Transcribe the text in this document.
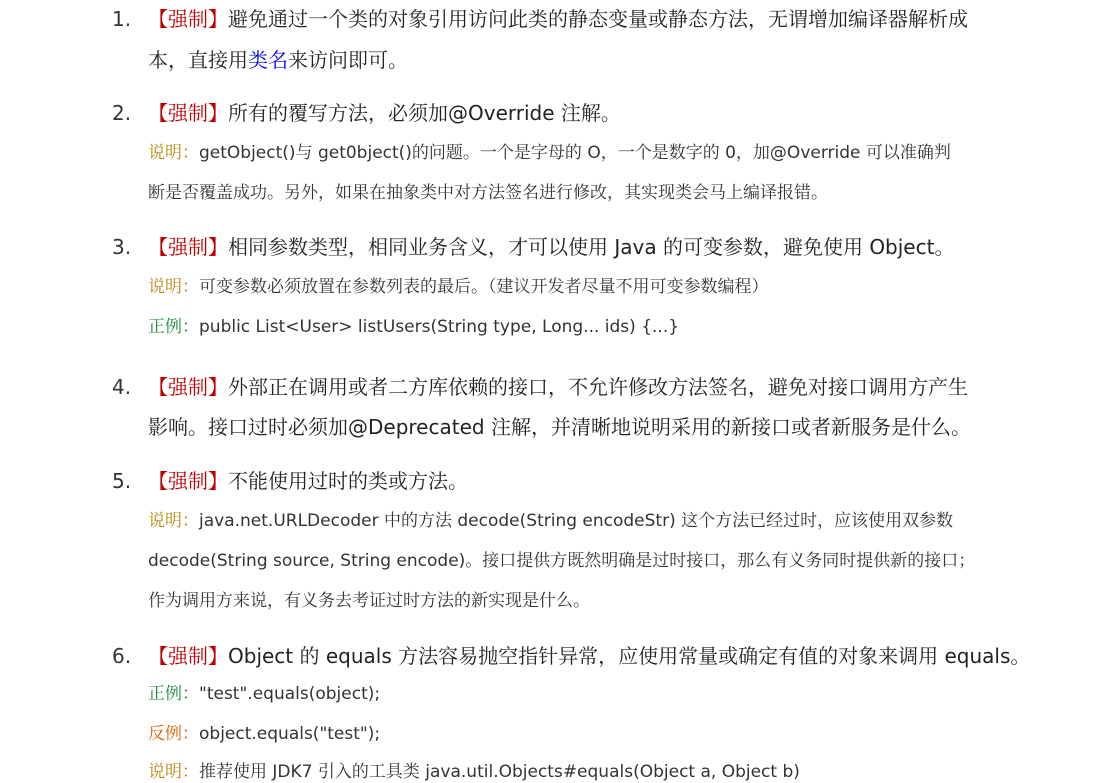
1. 【强制】避免通过一个类的对象引用访问此类的静态变量或静态方法，无谓增加编译器解析成
本，直接用类名来访问即可。
2. 【强制】所有的覆写方法，必须加@Override 注解。
说明：getObject()与 get0bject()的问题。一个是字母的 O，一个是数字的 0，加@Override 可以准确判
断是否覆盖成功。另外，如果在抽象类中对方法签名进行修改，其实现类会马上编译报错。
3. 【强制】相同参数类型，相同业务含义，才可以使用 Java 的可变参数，避免使用 Object。
说明：可变参数必须放置在参数列表的最后。（建议开发者尽量不用可变参数编程）
正例：public List<User> listUsers(String type, Long... ids) {...}
4. 【强制】外部正在调用或者二方库依赖的接口，不允许修改方法签名，避免对接口调用方产生
影响。接口过时必须加@Deprecated 注解，并清晰地说明采用的新接口或者新服务是什么。
5. 【强制】不能使用过时的类或方法。
说明：java.net.URLDecoder 中的方法 decode(String encodeStr) 这个方法已经过时，应该使用双参数
decode(String source, String encode)。接口提供方既然明确是过时接口，那么有义务同时提供新的接口；
作为调用方来说，有义务去考证过时方法的新实现是什么。
6. 【强制】Object 的 equals 方法容易抛空指针异常，应使用常量或确定有值的对象来调用 equals。
正例："test".equals(object);
反例：object.equals("test");
说明：推荐使用 JDK7 引入的工具类 java.util.Objects#equals(Object a, Object b)
